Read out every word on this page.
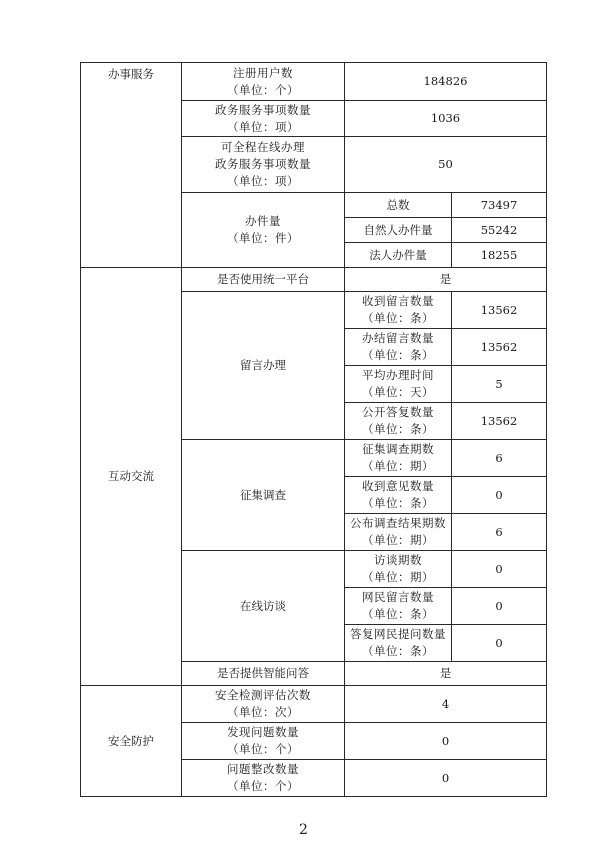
办事服务	注册用户数
（单位：个）	184826	

	政务服务事项数量
（单位：项）	1036	

	可全程在线办理
政务服务事项数量
（单位：项）	50	

	办件量
（单位：件）	总数	73497
		自然人办件量	55242
		法人办件量	18255
互动交流	是否使用统一平台	是	
	留言办理	收到留言数量
（单位：条）	13562

		办结留言数量
（单位：条）	13562

		平均办理时间
（单位：天）	5

		公开答复数量
（单位：条）	13562
	征集调查	征集调查期数
（单位：期）	6

		收到意见数量
（单位：条）	0

		公布调查结果期数
（单位：期）	6
	在线访谈	访谈期数
（单位：期）	0

		网民留言数量
（单位：条）	0

		答复网民提问数量
（单位：条）	0
	是否提供智能问答	是	
安全防护	安全检测评估次数
（单位：次）	4	

	发现问题数量
（单位：个）	0	

	问题整改数量
（单位：个）	0	
2
